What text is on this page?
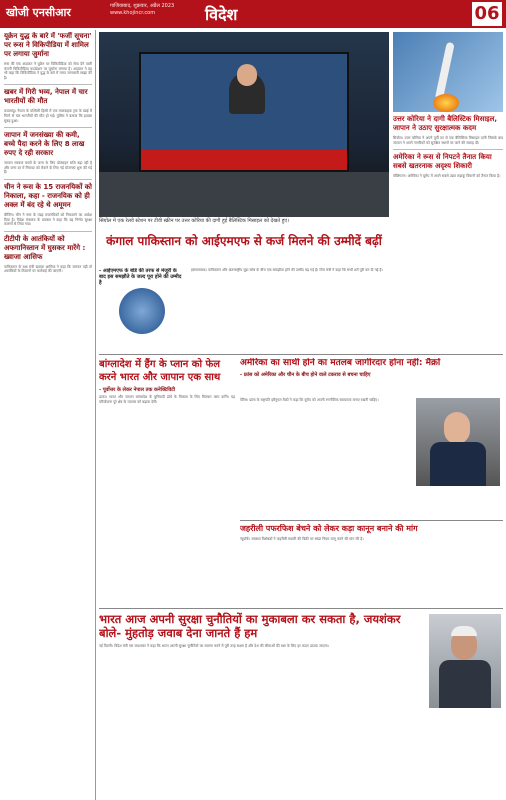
खोजी एनसीआर	गाजियाबाद, शुक्रवार, अप्रैल 2023
www.khojincr.com	विदेश	06
यूक्रेन युद्ध के बारे में 'फर्जी सूचना' पर रूस ने विकिपीडिया में शामिल पर लगाया जुर्माना
रूस की एक अदालत ने यूक्रेन पर विकिपीडिया को सेवा देने वाली कंपनी विकिमीडिया फाउंडेशन पर जुर्माना लगाया है। अदालत ने यह भी कहा कि विकिपीडिया ने युद्ध के बारे में गलत जानकारी साझा की है।
खबर में गिरी भव्य, नेपाल में चार भारतीयों की मौत
काठमांडू। नेपाल के पश्चिमी हिस्से में एक मालवाहक ट्रक के खाई में गिरने से चार भारतीयों की मौत हो गई। पुलिस ने बताया कि हादसा सुबह हुआ।
जापान में जनसंख्या की कमी, बच्चे पैदा करने के लिए 8 लाख रुपए दे रही सरकार
जापान सरकार बच्चों के जन्म के लिए प्रोत्साहन राशि बढ़ा रही है और जन्म दर में गिरावट को रोकने के लिए नई योजनाएं शुरू की गई हैं।
चीन ने रूस के 15 राजनयिकों को निकाला, कहा - राजनयिक को ही अक्ल में बंद रहे थे अमूमन
बीजिंग। चीन ने रूस के पंद्रह राजनयिकों को निकालने का आदेश दिया है। विदेश मंत्रालय के प्रवक्ता ने कहा कि यह निर्णय सुरक्षा कारणों से लिया गया।
टीटीपी के आतंकियों को अफगानिस्तान में घुसकर मारेंगे : ख्वाजा आसिफ
पाकिस्तान के रक्षा मंत्री ख्वाजा आसिफ ने कहा कि जरूरत पड़ी तो आतंकियों के ठिकानों पर कार्रवाई की जाएगी।
सियोल में एक रेलवे स्टेशन पर टीवी स्क्रीन पर उत्तर कोरिया की दागी हुई बैलिस्टिक मिसाइल को देखते हुए।
उत्तर कोरिया ने दागी बैलिस्टिक मिसाइल, जापान ने उठाए सुरक्षात्मक कदम
सियोल। उत्तर कोरिया ने अपने पूर्वी तट से एक बैलिस्टिक मिसाइल दागी जिसके बाद जापान ने अपने नागरिकों को सुरक्षित स्थानों पर जाने की सलाह दी।
अमेरिका ने रूस से निपटने तैनात किया सबसे खतरनाक अदृश्य शिकारी
वॉशिंगटन। अमेरिका ने यूरोप में अपने सबसे उन्नत लड़ाकू विमानों को तैनात किया है।
कंगाल पाकिस्तान को आईएमएफ से कर्ज मिलने की उम्मीदें बढ़ीं
- आईएमएफ के बोर्ड की तरफ से मंजूरी के बाद इस समझौते के जल्द पूरा होने की उम्मीद है
इस्लामाबाद। पाकिस्तान और अंतरराष्ट्रीय मुद्रा कोष के बीच एक समझौता होने की उम्मीद बढ़ गई है। वित्त मंत्री ने कहा कि सभी शर्तें पूरी कर दी गई हैं।
बांग्लादेश में हैंग के प्लान को फेल करने भारत और जापान एक साथ
- पूर्वोत्तर के लेकर नेपाल तक कनेक्टिविटी
ढाका। भारत और जापान बांग्लादेश के बुनियादी ढांचे के विकास के लिए मिलकर काम करेंगे। यह परियोजना पूरे क्षेत्र के व्यापार को बढ़ावा देगी।
अमेरिका का साथी होने का मतलब जागीरदार होना नहीं: मैक्रों
- फ्रांस को अमेरिका और चीन के बीच होने वाले टकराव से बचना चाहिए
पेरिस। फ्रांस के राष्ट्रपति इमैनुएल मैक्रों ने कहा कि यूरोप को अपनी रणनीतिक स्वायत्तता बनाए रखनी चाहिए।
जहरीली पफरफिश बेचने को लेकर कड़ा कानून बनाने की मांग
न्यूयॉर्क। स्वास्थ्य विशेषज्ञों ने जहरीली मछली की बिक्री पर सख्त नियम लागू करने की मांग की है।
भारत आज अपनी सुरक्षा चुनौतियों का मुकाबला कर सकता है, जयशंकर बोले- मुंहतोड़ जवाब देना जानते हैं हम
नई दिल्ली। विदेश मंत्री एस जयशंकर ने कहा कि भारत अपनी सुरक्षा चुनौतियों का सामना करने में पूरी तरह सक्षम है और देश की सीमाओं की रक्षा के लिए हर कदम उठाया जाएगा।
